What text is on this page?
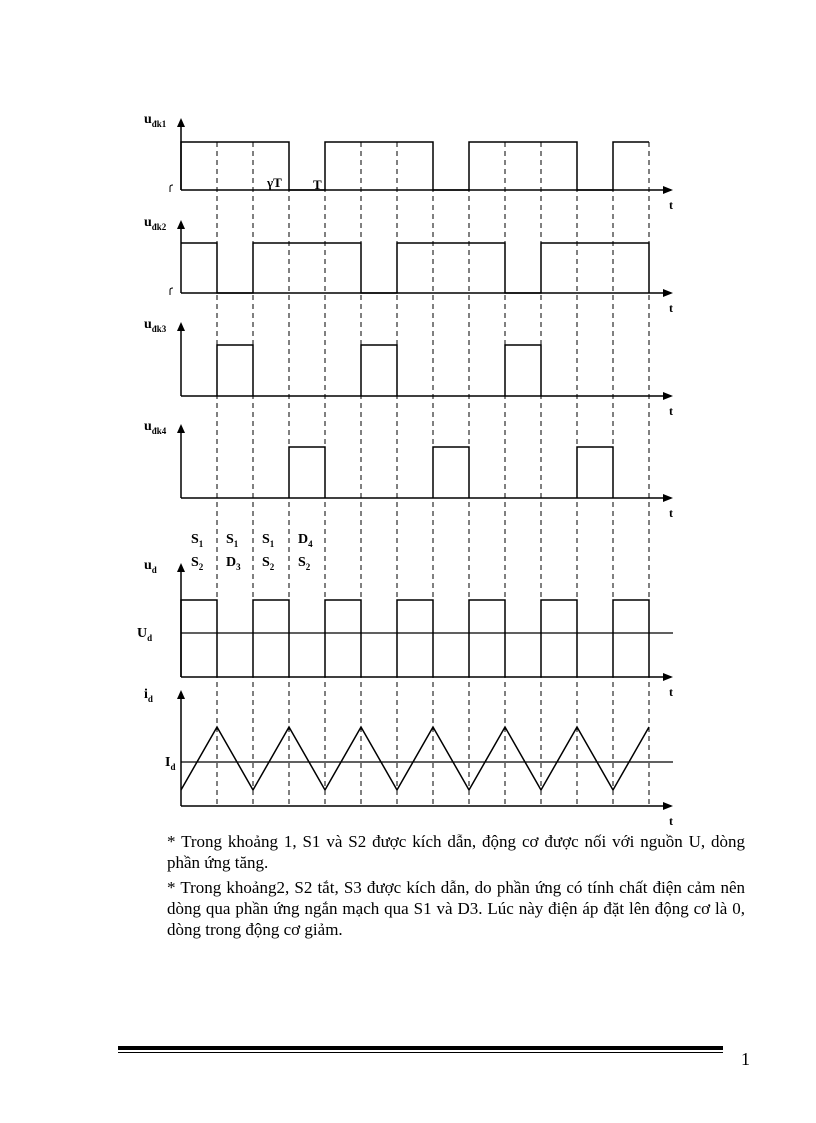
t
t
t
t
t
t
$u_{đk1}$
$u_{đk2}$
$u_{đk3}$
$u_{đk4}$
$u_d$
$i_d$
$U_d$
$I_d$
γT T
$S_1$
$S_2$
$S_1$
$D_3$
$S_1$
$S_2$
$D_4$
$S_2$

* Trong khoảng 1, S1 và S2 được kích dẫn, động cơ được nối với nguồn U, dòng phần ứng tăng.

* Trong khoảng2, S2 tắt, S3 được kích dẫn, do phần ứng có tính chất điện cảm nên dòng qua phần ứng ngắn mạch qua S1 và D3. Lúc này điện áp đặt lên động cơ là 0, dòng trong động cơ giảm.

1
